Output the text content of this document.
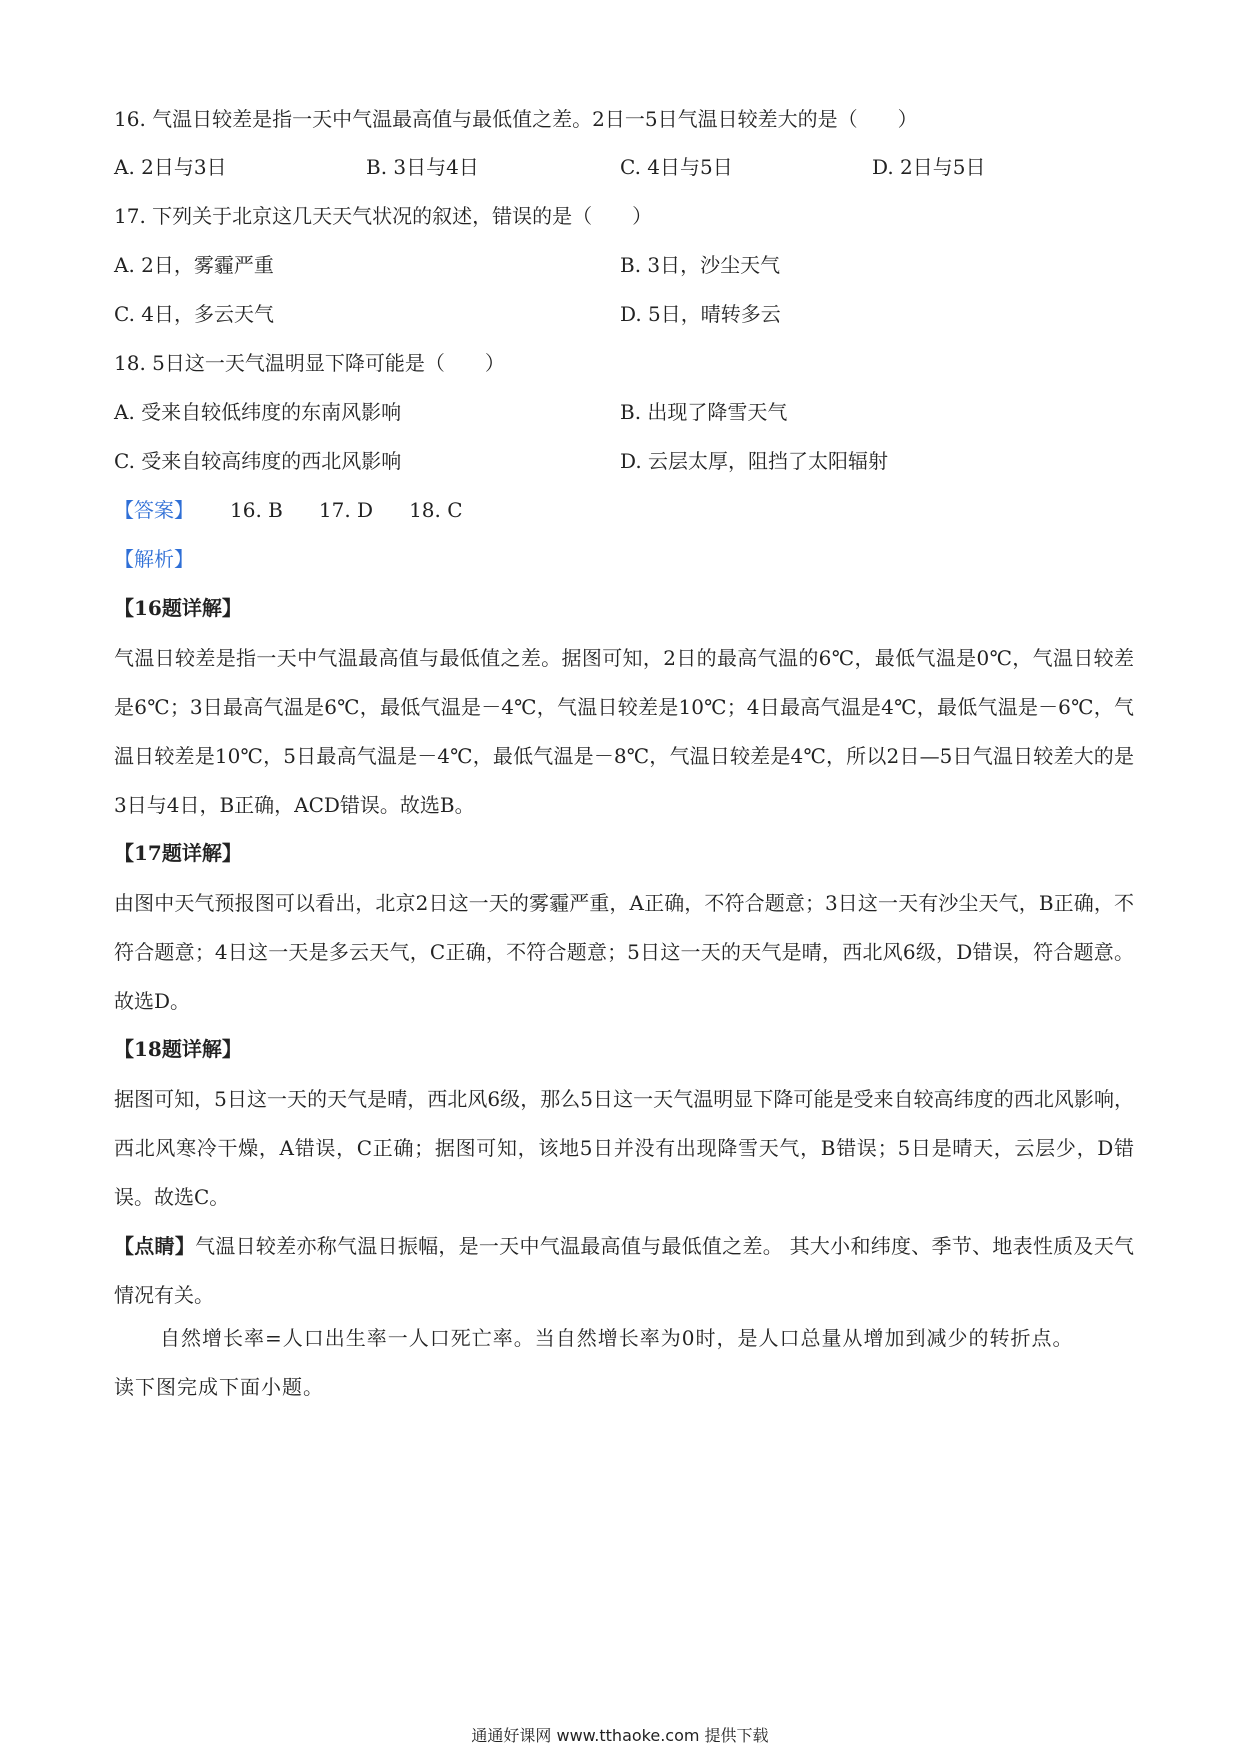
16. 气温日较差是指一天中气温最高值与最低值之差。2日一5日气温日较差大的是（　　）
A. 2日与3日	B. 3日与4日	C. 4日与5日	D. 2日与5日
17. 下列关于北京这几天天气状况的叙述，错误的是（　　）
A. 2日，雾霾严重	B. 3日，沙尘天气
C. 4日，多云天气	D. 5日，晴转多云
18. 5日这一天气温明显下降可能是（　　）
A. 受来自较低纬度的东南风影响	B. 出现了降雪天气
C. 受来自较高纬度的西北风影响	D. 云层太厚，阻挡了太阳辐射
【答案】 16. B 17. D 18. C
【解析】
【16题详解】
气温日较差是指一天中气温最高值与最低值之差。据图可知，2日的最高气温的6℃，最低气温是0℃，气温日较差是6℃；3日最高气温是6℃，最低气温是－4℃，气温日较差是10℃；4日最高气温是4℃，最低气温是－6℃，气温日较差是10℃，5日最高气温是－4℃，最低气温是－8℃，气温日较差是4℃，所以2日—5日气温日较差大的是3日与4日，B正确，ACD错误。故选B。
【17题详解】
由图中天气预报图可以看出，北京2日这一天的雾霾严重，A正确，不符合题意；3日这一天有沙尘天气，B正确，不符合题意；4日这一天是多云天气，C正确，不符合题意；5日这一天的天气是晴，西北风6级，D错误，符合题意。故选D。
【18题详解】
据图可知，5日这一天的天气是晴，西北风6级，那么5日这一天气温明显下降可能是受来自较高纬度的西北风影响，西北风寒冷干燥，A错误，C正确；据图可知，该地5日并没有出现降雪天气，B错误；5日是晴天，云层少，D错误。故选C。
【点睛】气温日较差亦称气温日振幅，是一天中气温最高值与最低值之差。 其大小和纬度、季节、地表性质及天气情况有关。
自然增长率=人口出生率一人口死亡率。当自然增长率为0时，是人口总量从增加到减少的转折点。
读下图完成下面小题。
通通好课网 www.tthaoke.com 提供下载
